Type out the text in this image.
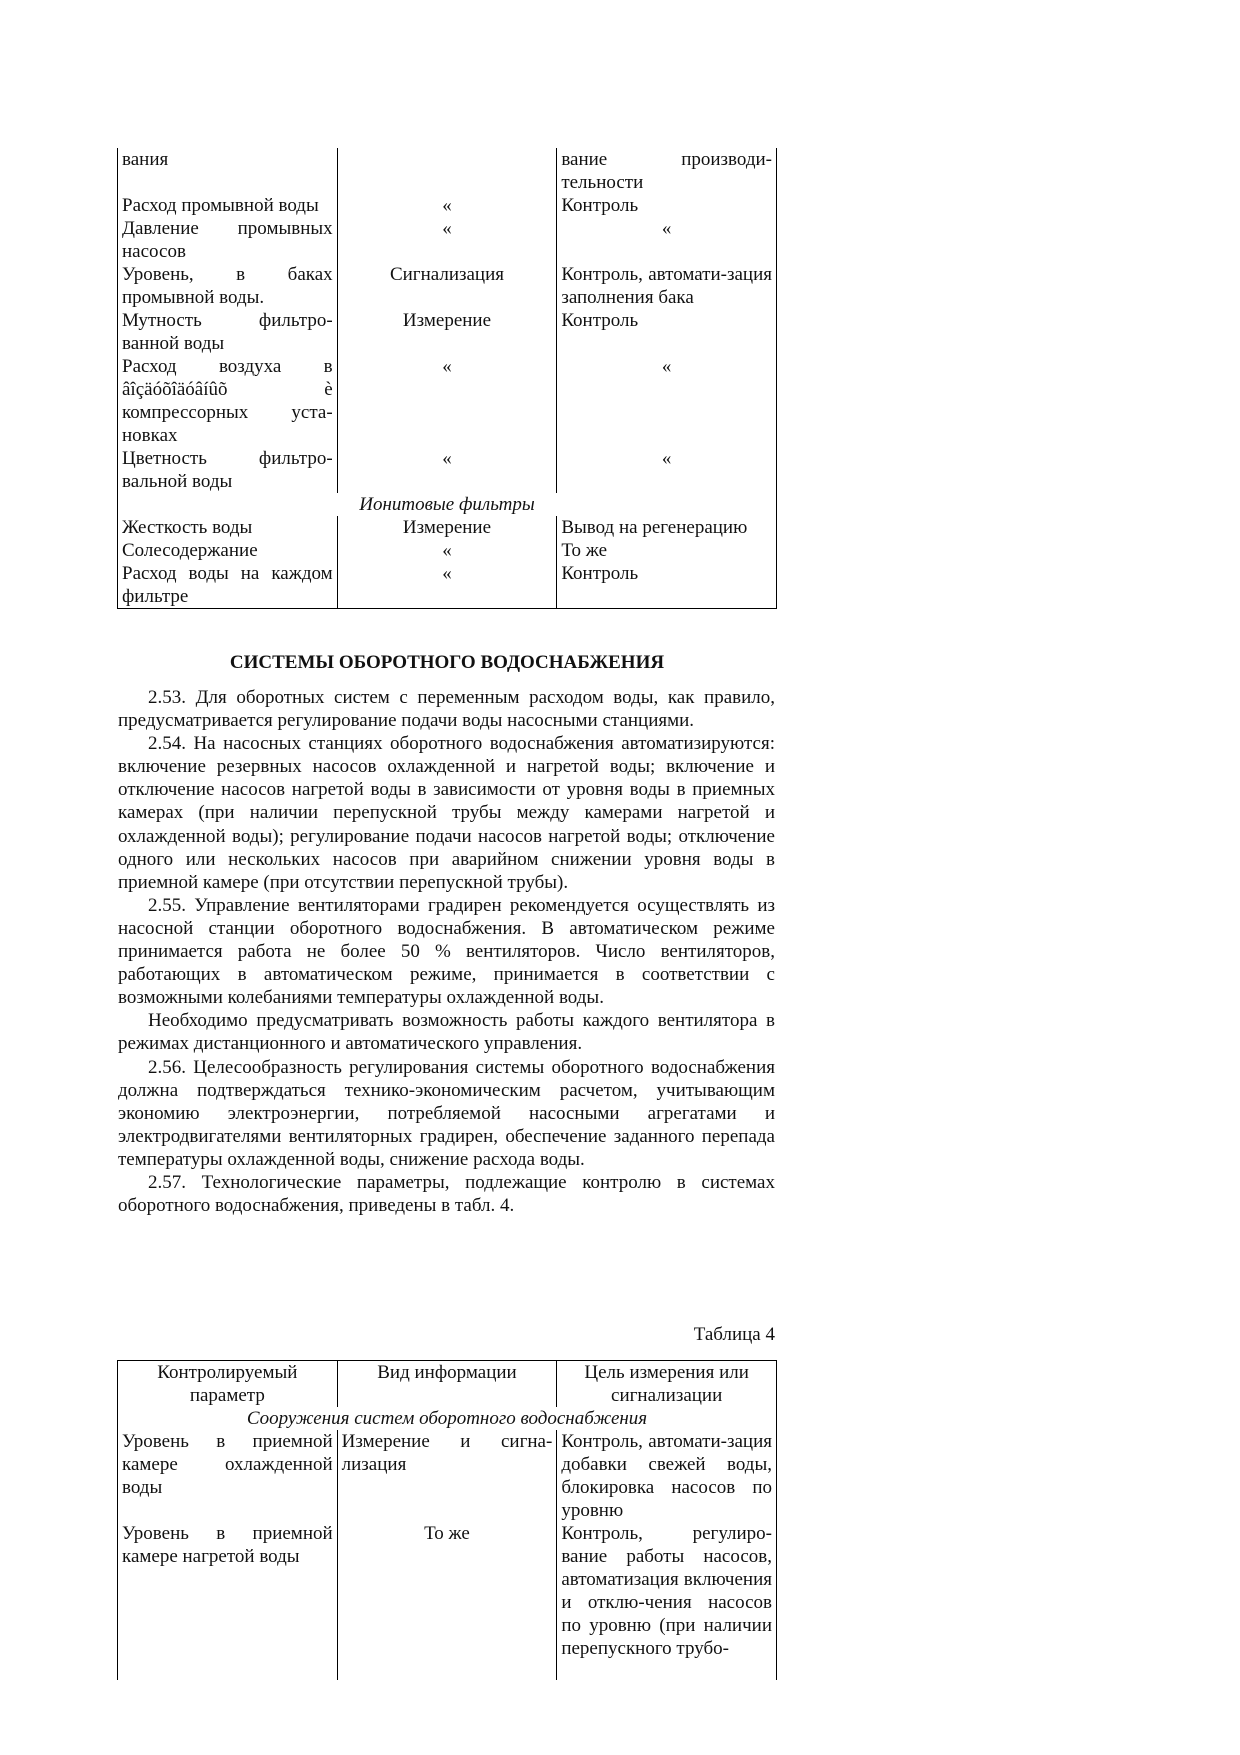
вания		вание производи-тельности
Расход промывной воды	«	Контроль
Давление промывных насосов	«	«
Уровень, в баках промывной воды.	Сигнализация	Контроль, автомати-зация заполнения бака
Мутность фильтро-ванной воды	Измерение	Контроль
Расход воздуха в âîçäóõîäóâíûõ è компрессорных уста-новках	«	«
Цветность фильтро-вальной воды	«	«
Ионитовые фильтры		
Жесткость воды	Измерение	Вывод на регенерацию
Солесодержание	«	То же
Расход воды на каждом фильтре	«	Контроль
СИСТЕМЫ ОБОРОТНОГО ВОДОСНАБЖЕНИЯ

2.53. Для оборотных систем с переменным расходом воды, как правило, предусматривается регулирование подачи воды насосными станциями.

2.54. На насосных станциях оборотного водоснабжения автоматизируются: включение резервных насосов охлажденной и нагретой воды; включение и отключение насосов нагретой воды в зависимости от уровня воды в приемных камерах (при наличии перепускной трубы между камерами нагретой и охлажденной воды); регулирование подачи насосов нагретой воды; отключение одного или нескольких насосов при аварийном снижении уровня воды в приемной камере (при отсутствии перепускной трубы).

2.55. Управление вентиляторами градирен рекомендуется осуществлять из насосной станции оборотного водоснабжения. В автоматическом режиме принимается работа не более 50 % вентиляторов. Число вентиляторов, работающих в автоматическом режиме, принимается в соответствии с возможными колебаниями температуры охлажденной воды.

Необходимо предусматривать возможность работы каждого вентилятора в режимах дистанционного и автоматического управления.

2.56. Целесообразность регулирования системы оборотного водоснабжения должна подтверждаться технико-экономическим расчетом, учитывающим экономию электроэнергии, потребляемой насосными агрегатами и электродвигателями вентиляторных градирен, обеспечение заданного перепада температуры охлажденной воды, снижение расхода воды.

2.57. Технологические параметры, подлежащие контролю в системах оборотного водоснабжения, приведены в табл. 4.

Таблица 4
Контролируемый параметр	Вид информации	Цель измерения или сигнализации
Сооружения систем оборотного водоснабжения		
Уровень в приемной камере охлажденной воды	Измерение и сигна-лизация	Контроль, автомати-зация добавки свежей воды, блокировка насосов по уровню
Уровень в приемной камере нагретой воды	То же	Контроль, регулиро-вание работы насосов, автоматизация включения и отклю-чения насосов по уровню (при наличии перепускного трубо-
